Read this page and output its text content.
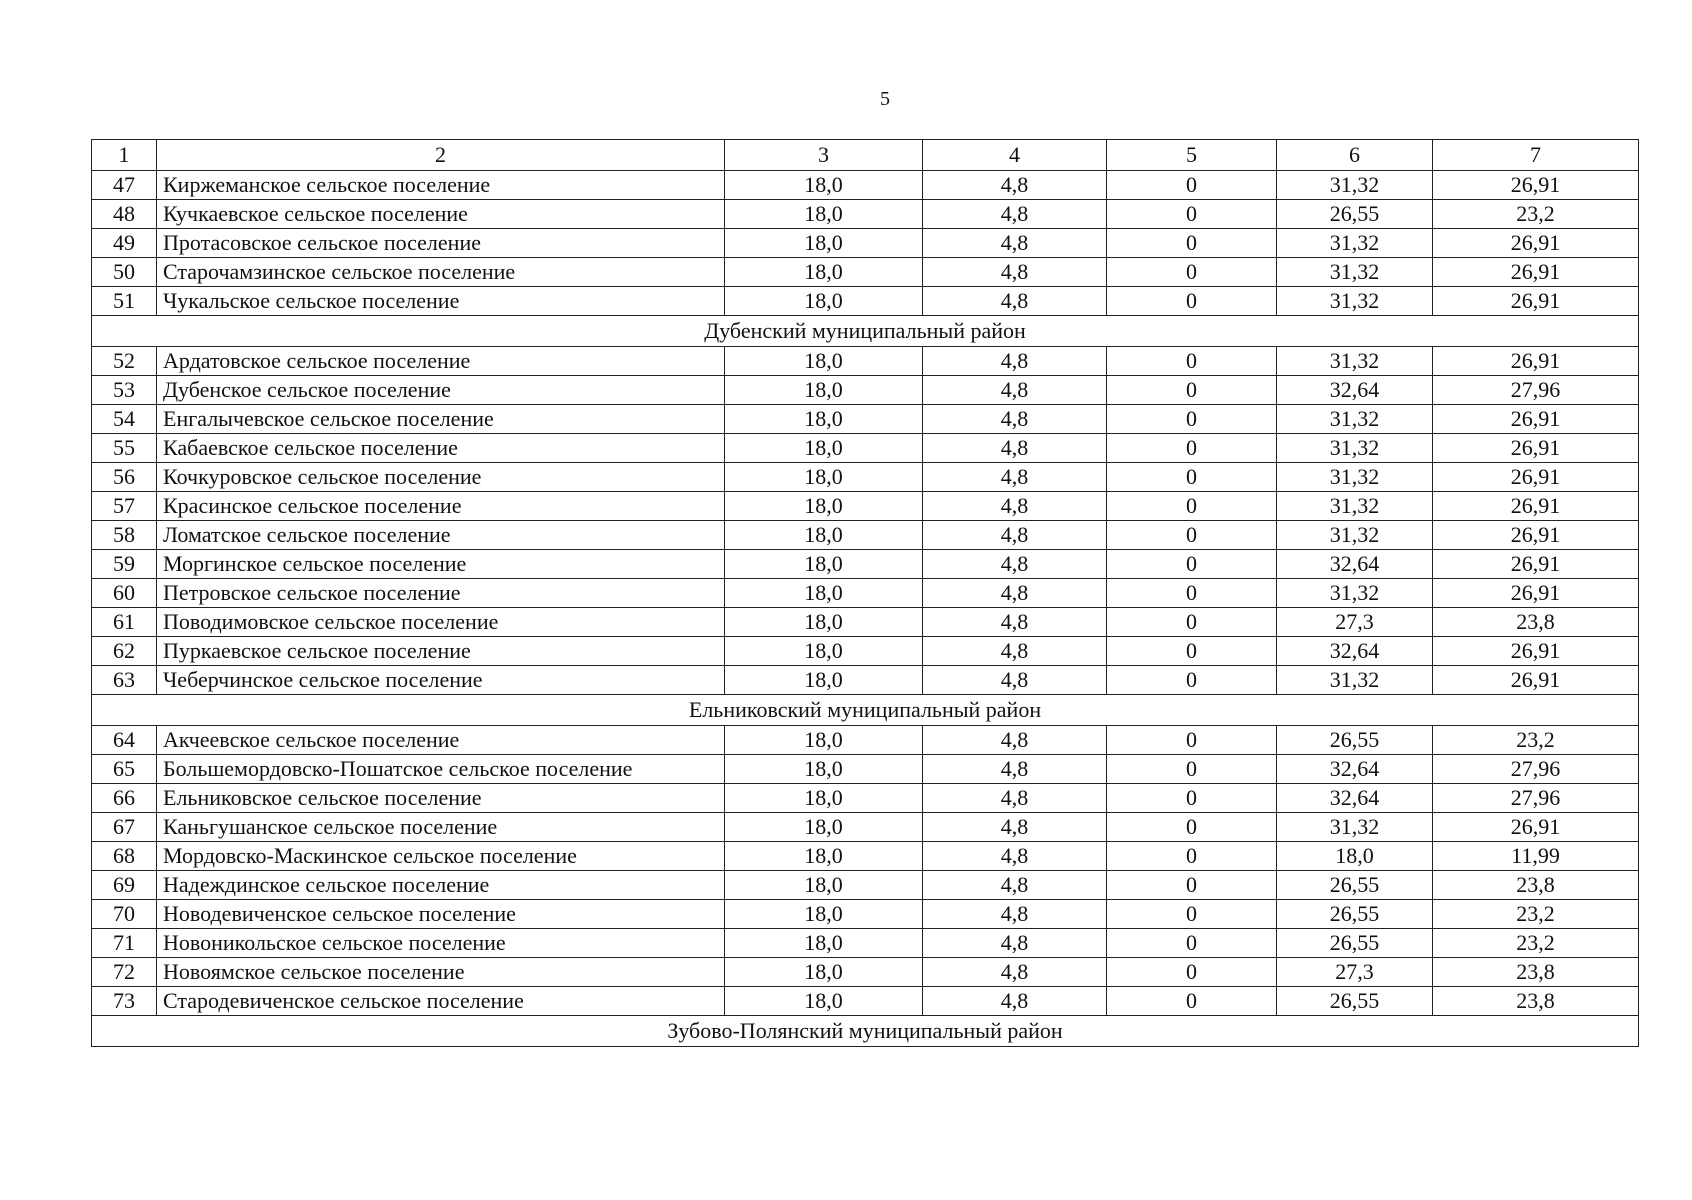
5
1	2	3	4	5	6	7
47	Киржеманское сельское поселение	18,0	4,8	0	31,32	26,91
48	Кучкаевское сельское поселение	18,0	4,8	0	26,55	23,2
49	Протасовское сельское поселение	18,0	4,8	0	31,32	26,91
50	Старочамзинское сельское поселение	18,0	4,8	0	31,32	26,91
51	Чукальское сельское поселение	18,0	4,8	0	31,32	26,91
Дубенский муниципальный район						
52	Ардатовское сельское поселение	18,0	4,8	0	31,32	26,91
53	Дубенское сельское поселение	18,0	4,8	0	32,64	27,96
54	Енгалычевское сельское поселение	18,0	4,8	0	31,32	26,91
55	Кабаевское сельское поселение	18,0	4,8	0	31,32	26,91
56	Кочкуровское сельское поселение	18,0	4,8	0	31,32	26,91
57	Красинское сельское поселение	18,0	4,8	0	31,32	26,91
58	Ломатское сельское поселение	18,0	4,8	0	31,32	26,91
59	Моргинское сельское поселение	18,0	4,8	0	32,64	26,91
60	Петровское сельское поселение	18,0	4,8	0	31,32	26,91
61	Поводимовское сельское поселение	18,0	4,8	0	27,3	23,8
62	Пуркаевское сельское поселение	18,0	4,8	0	32,64	26,91
63	Чеберчинское сельское поселение	18,0	4,8	0	31,32	26,91
Ельниковский муниципальный район						
64	Акчеевское сельское поселение	18,0	4,8	0	26,55	23,2
65	Большемордовско-Пошатское сельское поселение	18,0	4,8	0	32,64	27,96
66	Ельниковское сельское поселение	18,0	4,8	0	32,64	27,96
67	Каньгушанское сельское поселение	18,0	4,8	0	31,32	26,91
68	Мордовско-Маскинское сельское поселение	18,0	4,8	0	18,0	11,99
69	Надеждинское сельское поселение	18,0	4,8	0	26,55	23,8
70	Новодевиченское сельское поселение	18,0	4,8	0	26,55	23,2
71	Новоникольское сельское поселение	18,0	4,8	0	26,55	23,2
72	Новоямское сельское поселение	18,0	4,8	0	27,3	23,8
73	Стародевиченское сельское поселение	18,0	4,8	0	26,55	23,8
Зубово-Полянский муниципальный район						
